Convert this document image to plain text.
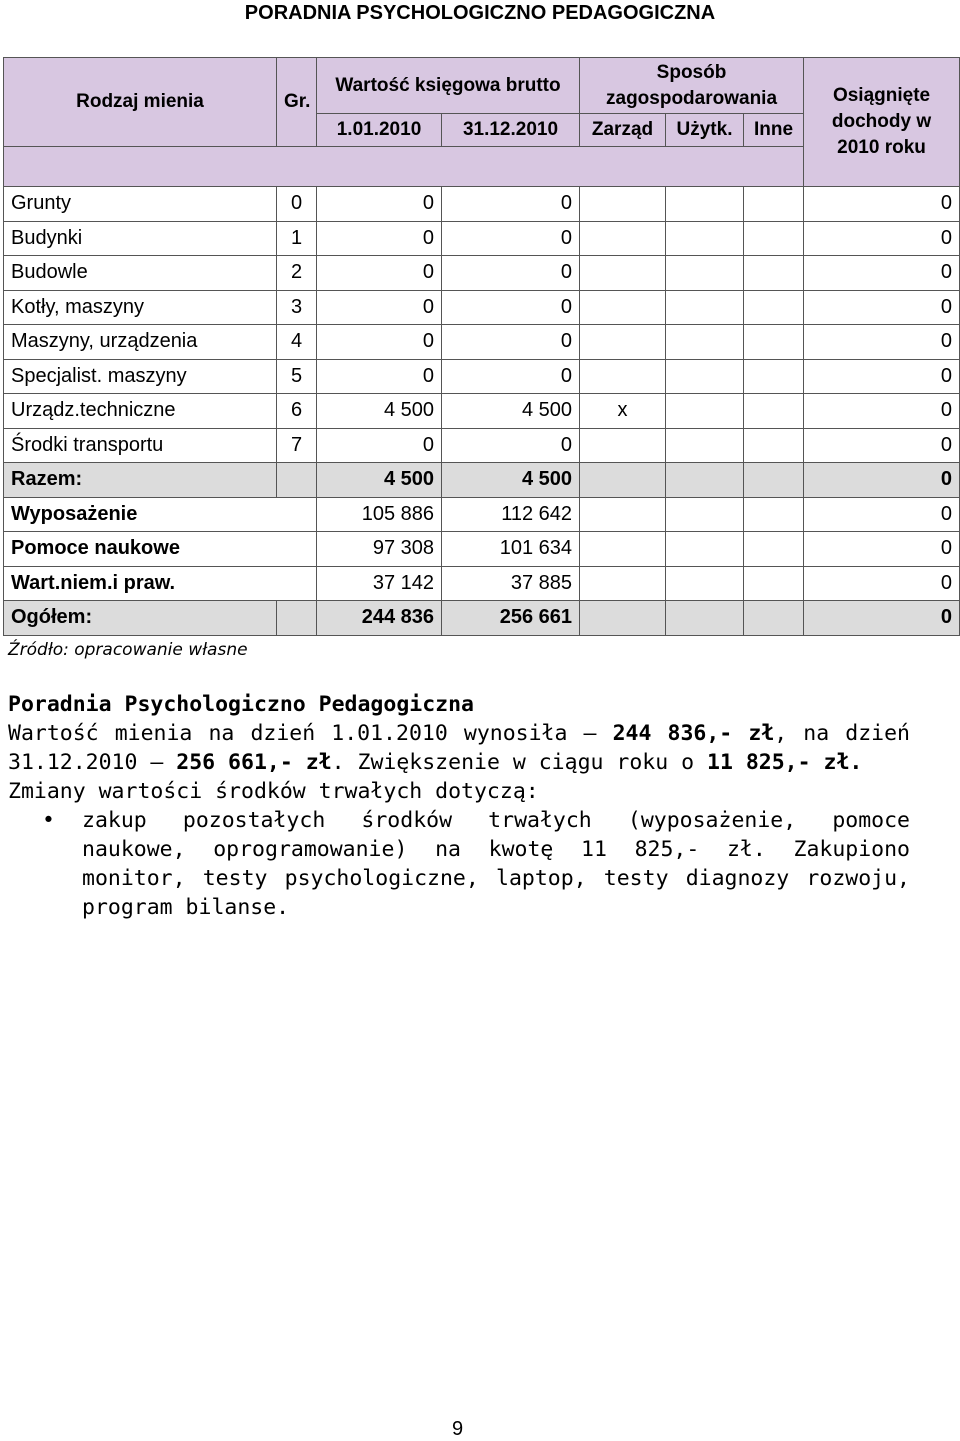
PORADNIA PSYCHOLOGICZNO PEDAGOGICZNA
Rodzaj mienia	Gr.	Wartość księgowa brutto		Sposób zagospodarowania			Osiągnięte dochody w 2010 roku
		1.01.2010	31.12.2010	Zarząd	Użytk.	Inne	

Grunty	0	0	0				0
Budynki	1	0	0				0
Budowle	2	0	0				0
Kotły, maszyny	3	0	0				0
Maszyny, urządzenia	4	0	0				0
Specjalist. maszyny	5	0	0				0
Urządz.techniczne	6	4 500	4 500	x			0
Środki transportu	7	0	0				0
Razem:		4 500	4 500				0
Wyposażenie		105 886	112 642				0
Pomoce naukowe		97 308	101 634				0
Wart.niem.i praw.		37 142	37 885				0
Ogółem:		244 836	256 661				0
Źródło: opracowanie własne

Poradnia Psychologiczno Pedagogiczna

Wartość mienia na dzień 1.01.2010 wynosiła – 244 836,- zł, na dzień 31.12.2010 – 256 661,- zł. Zwiększenie w ciągu roku o 11 825,- zł.

Zmiany wartości środków trwałych dotyczą:

• zakup pozostałych środków trwałych (wyposażenie, pomoce naukowe, oprogramowanie) na kwotę 11 825,- zł. Zakupiono monitor, testy psychologiczne, laptop, testy diagnozy rozwoju, program bilanse.

9
